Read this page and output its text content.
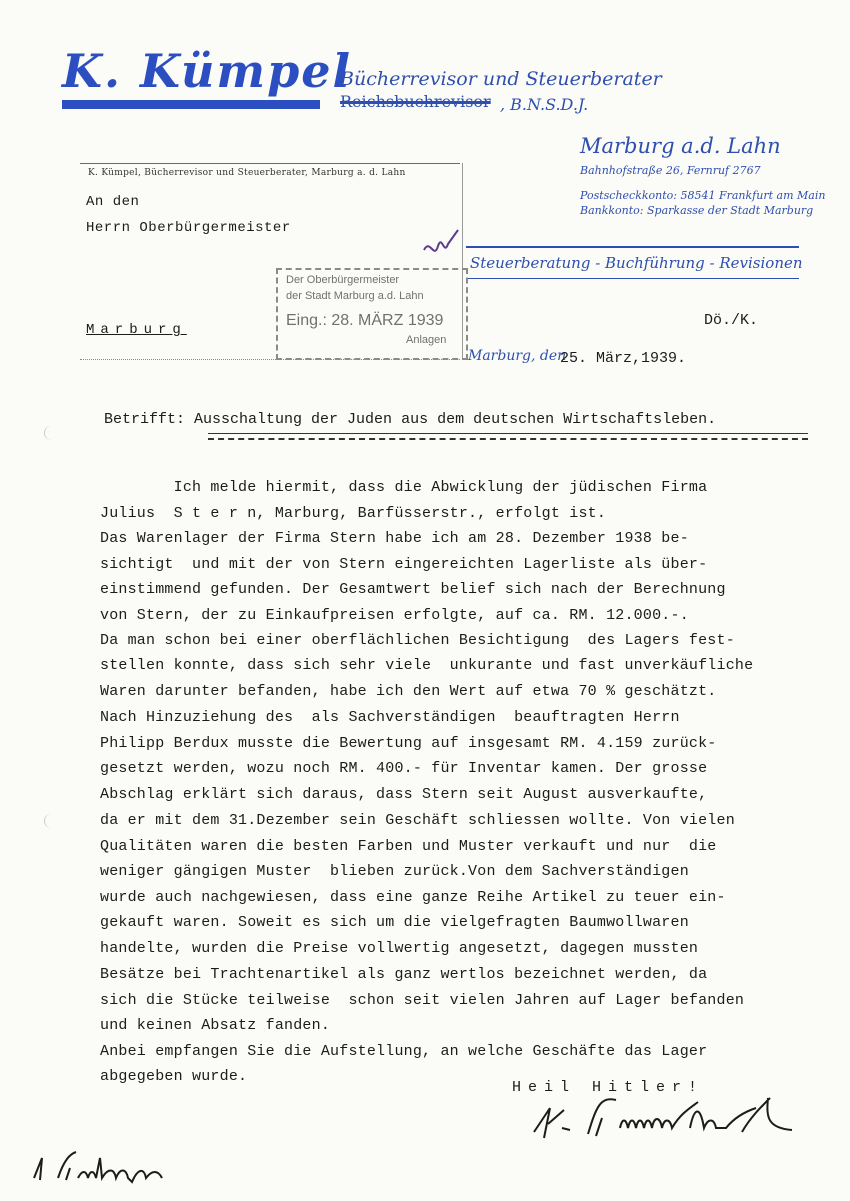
K. Kümpel
Bücherrevisor und Steuerberater
Reichsbuchrevisor , B.N.S.D.J.
Marburg a.d. Lahn
Bahnhofstraße 26, Fernruf 2767
Postscheckkonto: 58541 Frankfurt am Main
Bankkonto: Sparkasse der Stadt Marburg
K. Kümpel, Bücherrevisor und Steuerberater, Marburg a. d. Lahn
An den
Herrn Oberbürgermeister
Marburg
Steuerberatung - Buchführung - Revisionen
Der Oberbürgermeister
der Stadt Marburg a.d. Lahn
Eing.: 28. MÄRZ 1939
Anlagen
Dö./K.
Marburg, den
25. März,1939.
Betrifft: Ausschaltung der Juden aus dem deutschen Wirtschaftsleben.
Ich melde hiermit, dass die Abwicklung der jüdischen Firma
Julius  S t e r n, Marburg, Barfüsserstr., erfolgt ist.
Das Warenlager der Firma Stern habe ich am 28. Dezember 1938 be-
sichtigt  und mit der von Stern eingereichten Lagerliste als über-
einstimmend gefunden. Der Gesamtwert belief sich nach der Berechnung
von Stern, der zu Einkaufpreisen erfolgte, auf ca. RM. 12.000.-.
Da man schon bei einer oberflächlichen Besichtigung  des Lagers fest-
stellen konnte, dass sich sehr viele  unkurante und fast unverkäufliche
Waren darunter befanden, habe ich den Wert auf etwa 70 % geschätzt.
Nach Hinzuziehung des  als Sachverständigen  beauftragten Herrn
Philipp Berdux musste die Bewertung auf insgesamt RM. 4.159 zurück-
gesetzt werden, wozu noch RM. 400.- für Inventar kamen. Der grosse
Abschlag erklärt sich daraus, dass Stern seit August ausverkaufte,
da er mit dem 31.Dezember sein Geschäft schliessen wollte. Von vielen
Qualitäten waren die besten Farben und Muster verkauft und nur  die
weniger gängigen Muster  blieben zurück.Von dem Sachverständigen
wurde auch nachgewiesen, dass eine ganze Reihe Artikel zu teuer ein-
gekauft waren. Soweit es sich um die vielgefragten Baumwollwaren
handelte, wurden die Preise vollwertig angesetzt, dagegen mussten
Besätze bei Trachtenartikel als ganz wertlos bezeichnet werden, da
sich die Stücke teilweise  schon seit vielen Jahren auf Lager befanden
und keinen Absatz fanden.
Anbei empfangen Sie die Aufstellung, an welche Geschäfte das Lager
abgegeben wurde.
Heil Hitler!
1 Anlage
